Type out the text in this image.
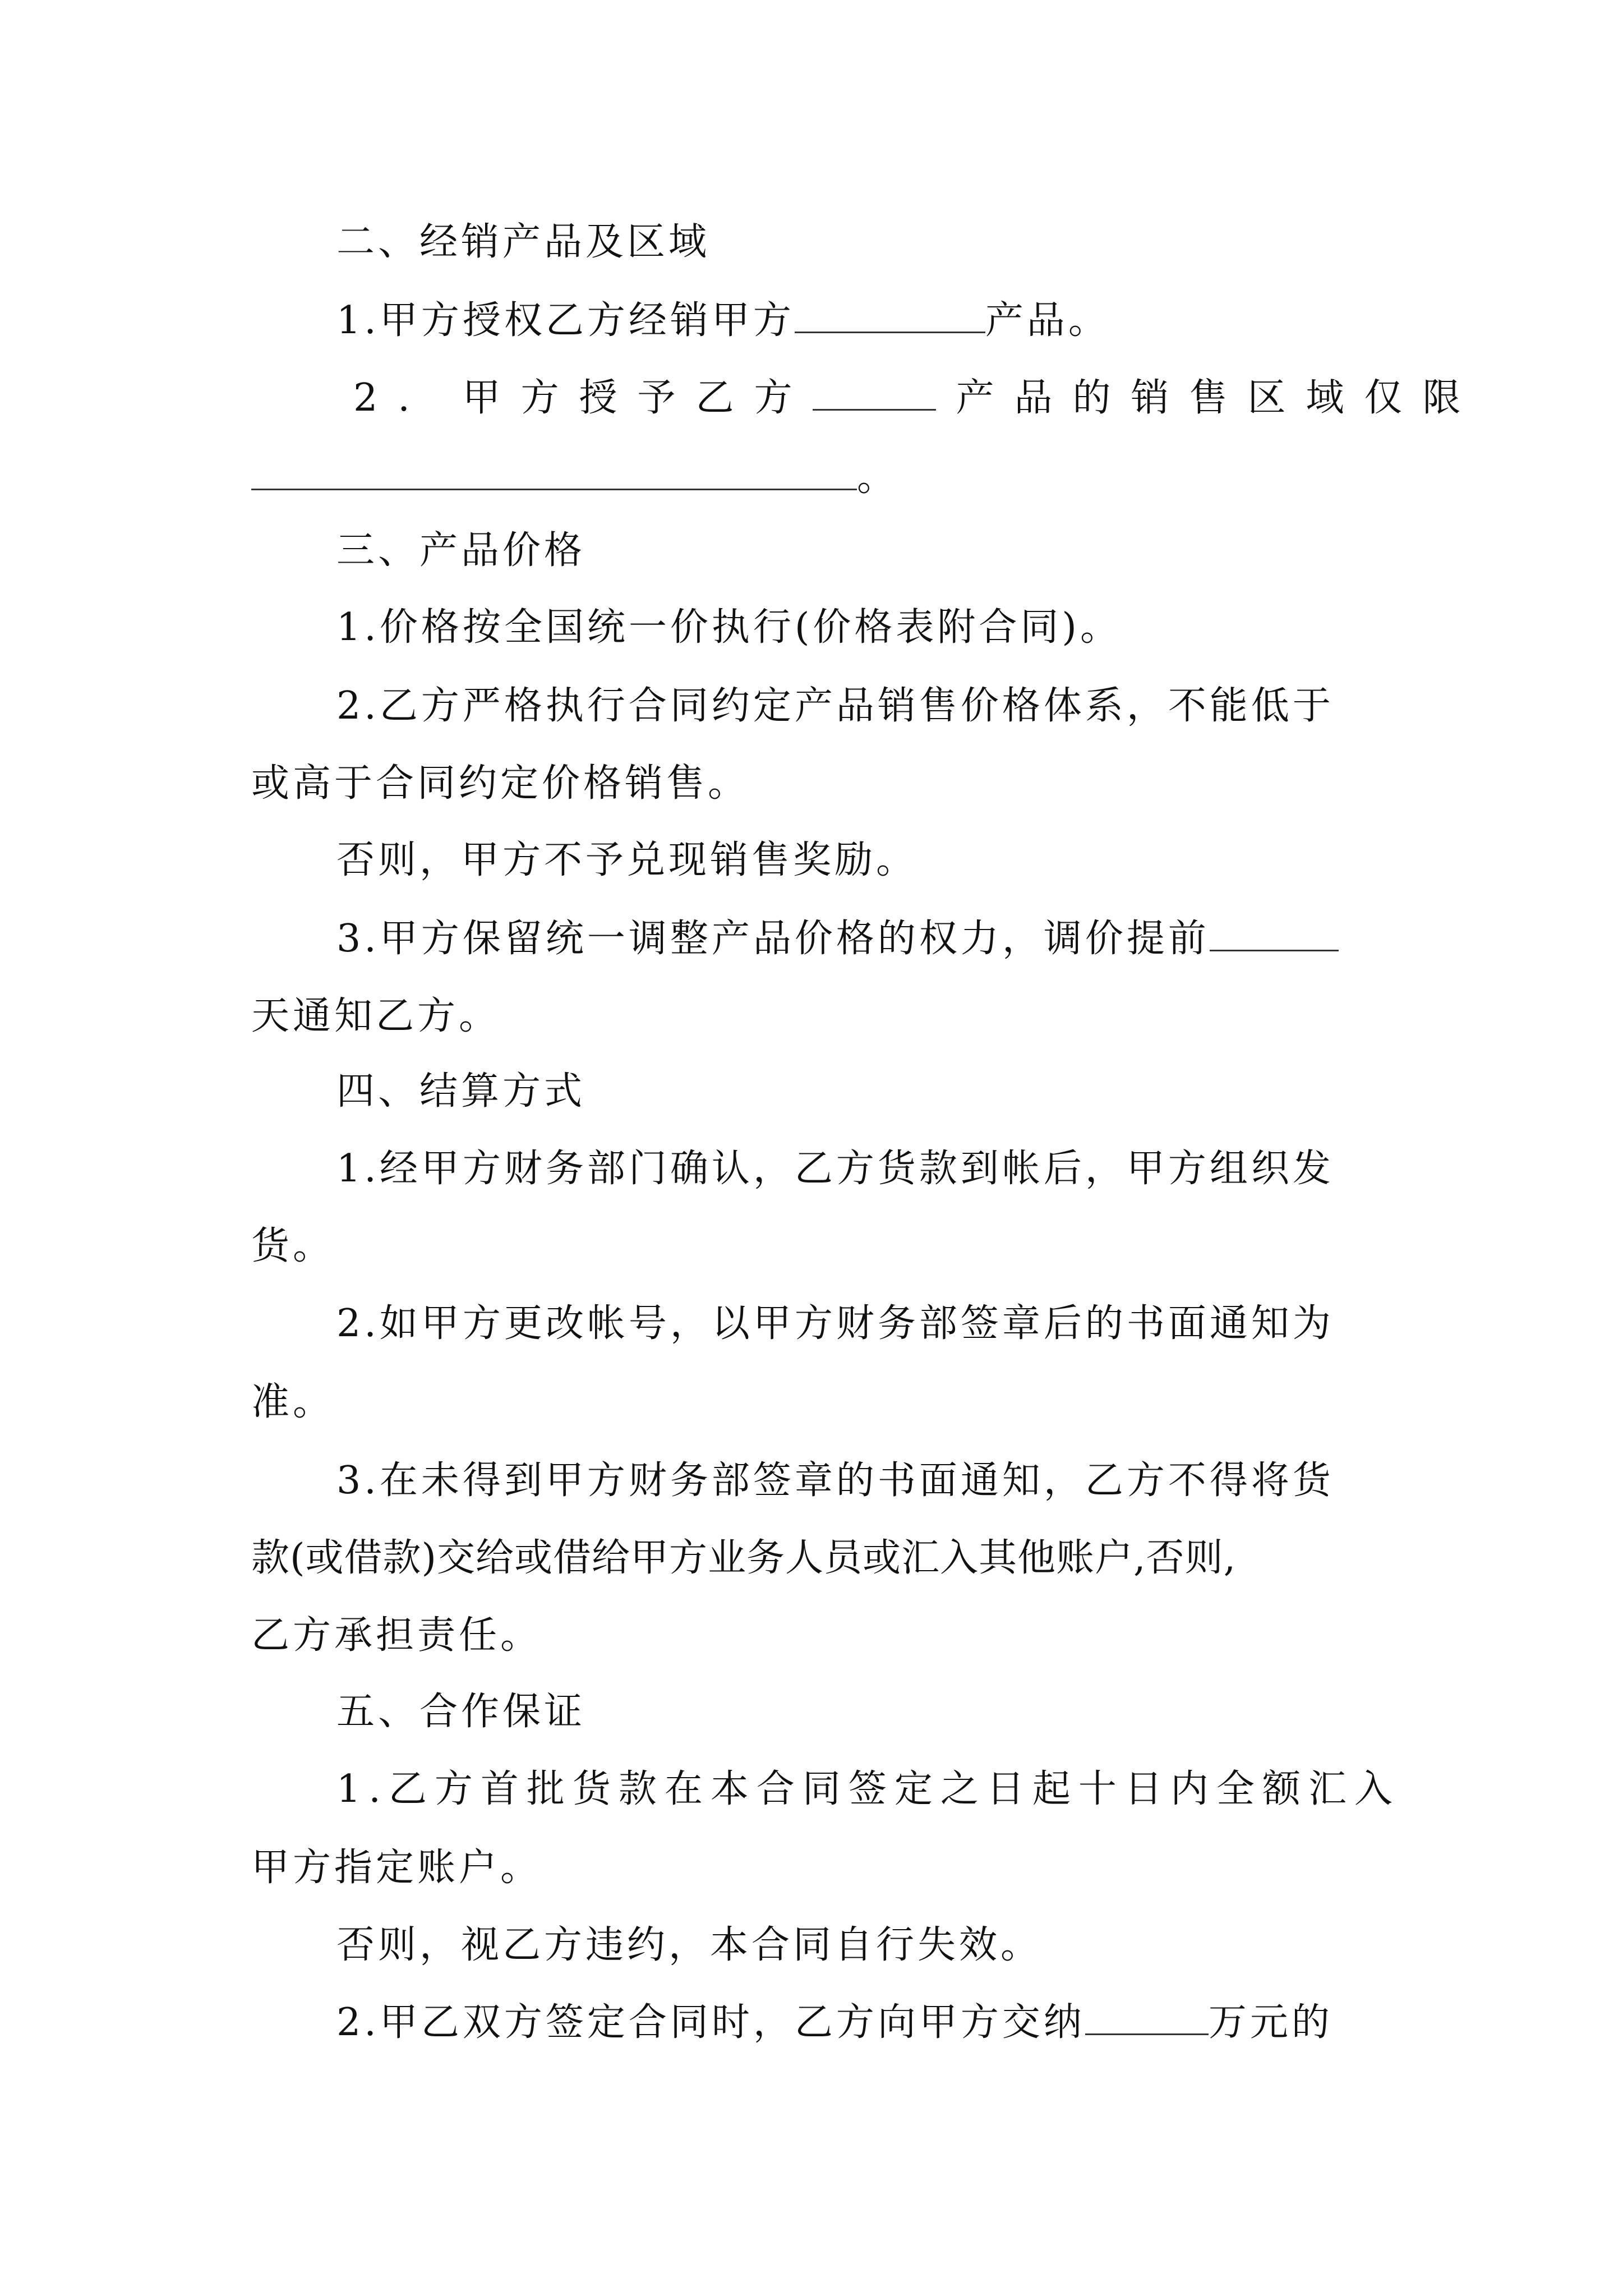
二、经销产品及区域
1.甲方授权乙方经销甲方	产品。
2. 甲方授予乙方	产品的销售区域仅限
。
三、产品价格
1.价格按全国统一价执行(价格表附合同)。
2.乙方严格执行合同约定产品销售价格体系，不能低于
或高于合同约定价格销售。
否则，甲方不予兑现销售奖励。
3.甲方保留统一调整产品价格的权力，调价提前
天通知乙方。
四、结算方式
1.经甲方财务部门确认，乙方货款到帐后，甲方组织发
货。
2.如甲方更改帐号，以甲方财务部签章后的书面通知为
准。
3.在未得到甲方财务部签章的书面通知，乙方不得将货
款(或借款)交给或借给甲方业务人员或汇入其他账户,否则,
乙方承担责任。
五、合作保证
1.乙方首批货款在本合同签定之日起十日内全额汇入
甲方指定账户。
否则，视乙方违约，本合同自行失效。
2.甲乙双方签定合同时，乙方向甲方交纳	万元的
